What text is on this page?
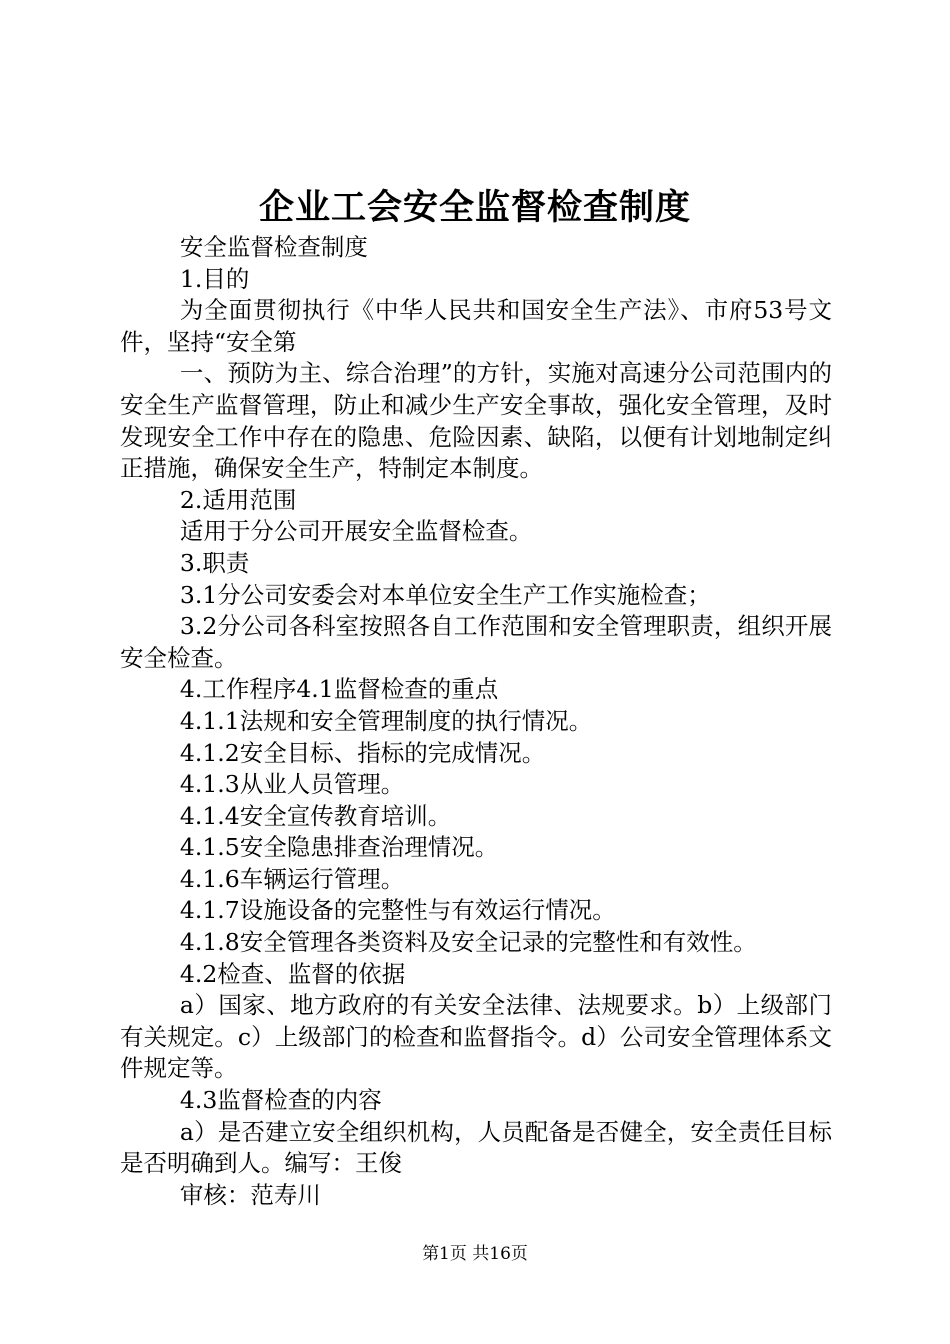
企业工会安全监督检查制度

安全监督检查制度

1.目的

为全面贯彻执行《中华人民共和国安全生产法》、市府53号文件，坚持“安全第

一、预防为主、综合治理”的方针，实施对高速分公司范围内的安全生产监督管理，防止和减少生产安全事故，强化安全管理，及时发现安全工作中存在的隐患、危险因素、缺陷，以便有计划地制定纠正措施，确保安全生产，特制定本制度。

2.适用范围

适用于分公司开展安全监督检查。

3.职责

3.1分公司安委会对本单位安全生产工作实施检查；

3.2分公司各科室按照各自工作范围和安全管理职责，组织开展安全检查。

4.工作程序4.1监督检查的重点

4.1.1法规和安全管理制度的执行情况。

4.1.2安全目标、指标的完成情况。

4.1.3从业人员管理。

4.1.4安全宣传教育培训。

4.1.5安全隐患排查治理情况。

4.1.6车辆运行管理。

4.1.7设施设备的完整性与有效运行情况。

4.1.8安全管理各类资料及安全记录的完整性和有效性。

4.2检查、监督的依据

a）国家、地方政府的有关安全法律、法规要求。b）上级部门有关规定。c）上级部门的检查和监督指令。d）公司安全管理体系文件规定等。

4.3监督检查的内容

a）是否建立安全组织机构，人员配备是否健全，安全责任目标是否明确到人。编写：王俊

审核：范寿川

第1页 共16页
